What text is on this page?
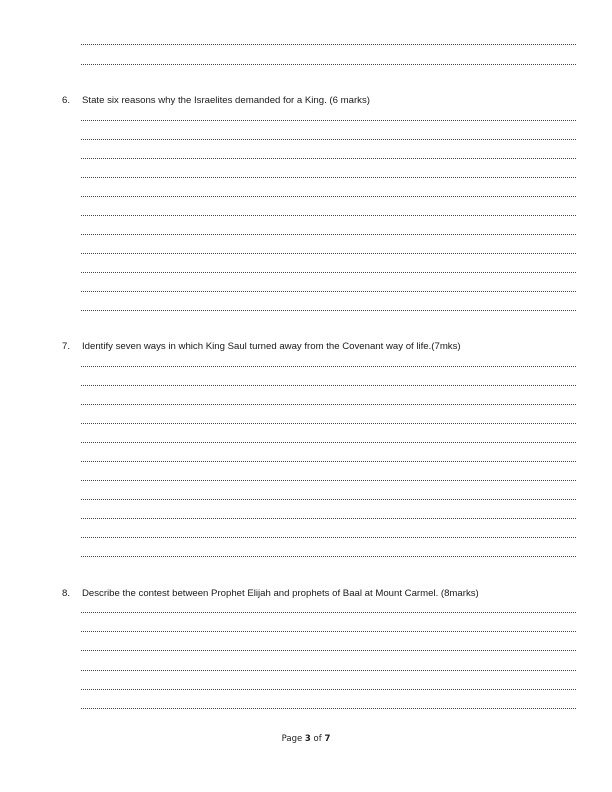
6. State six reasons why the Israelites demanded for a King. (6 marks)
7. Identify seven ways in which King Saul turned away from the Covenant way of life.(7mks)
8. Describe the contest between Prophet Elijah and prophets of Baal at Mount Carmel. (8marks)
Page 3 of 7
